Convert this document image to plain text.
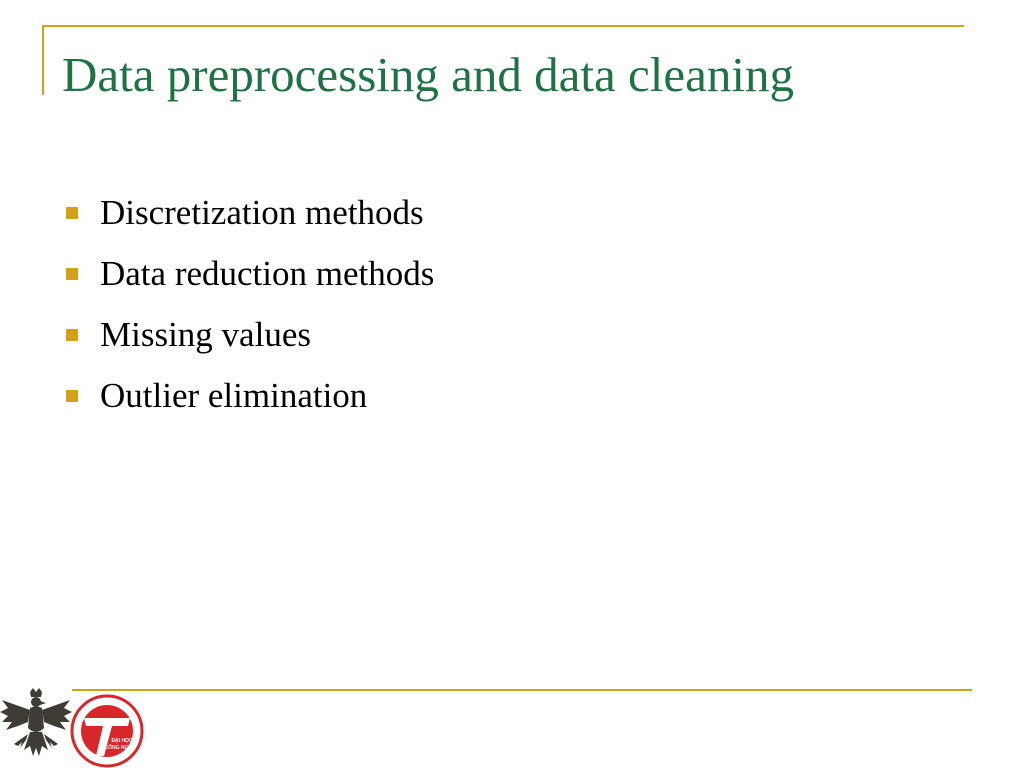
Data preprocessing and data cleaning
Discretization methods
Data reduction methods
Missing values
Outlier elimination
ĐẠI HỌC
CÔNG NGHỆ
